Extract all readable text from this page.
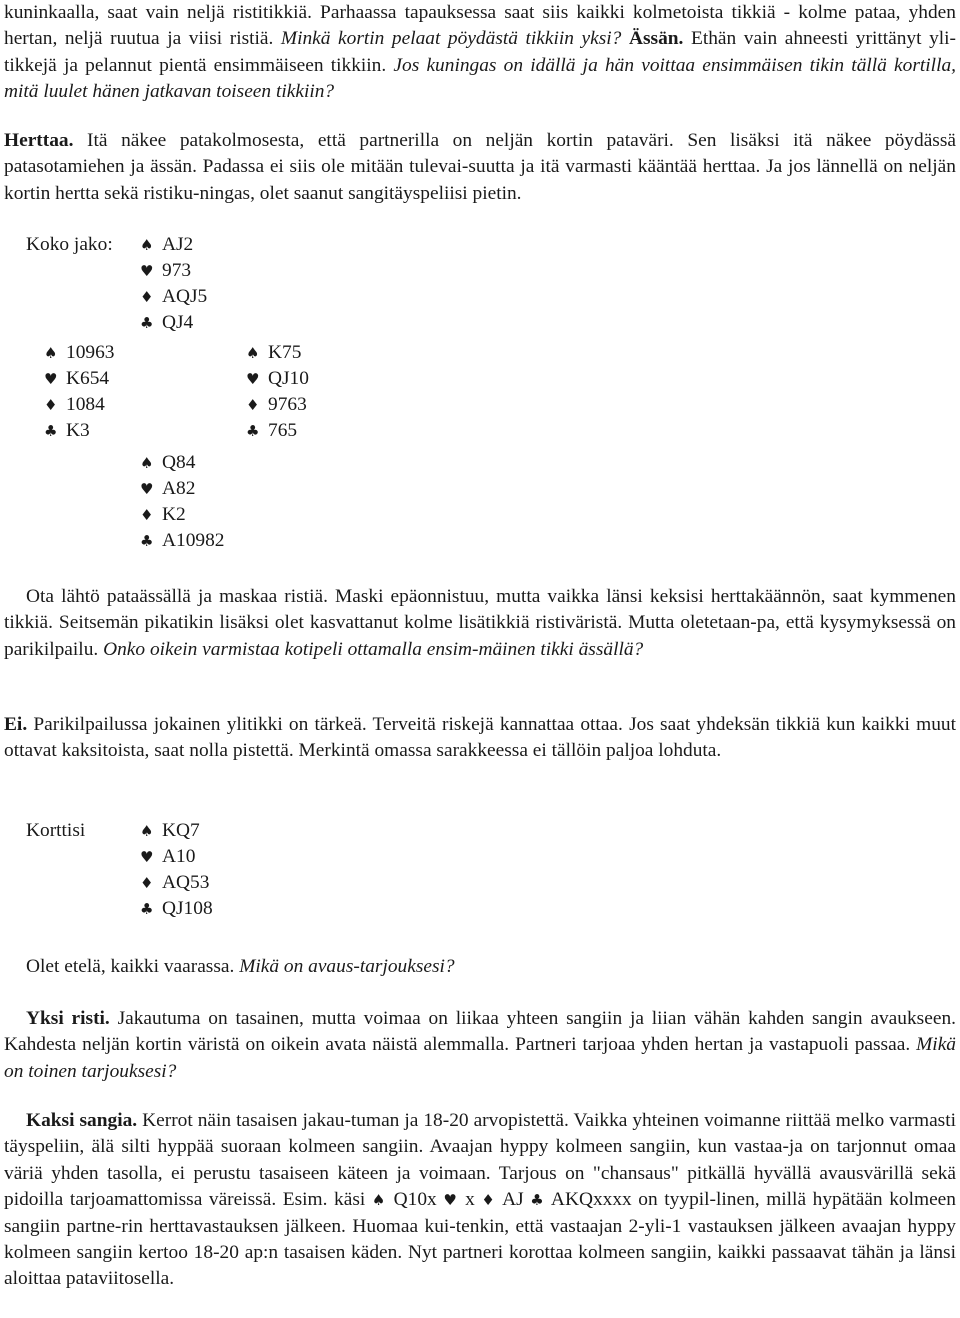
kuninkaalla, saat vain neljä ristitikkiä. Parhaassa tapauksessa saat siis kaikki kolmetoista tikkiä - kolme pataa, yhden hertan, neljä ruutua ja viisi ristiä. Minkä kortin pelaat pöydästä tikkiin yksi? Ässän. Ethän vain ahneesti yrittänyt yli-tikkejä ja pelannut pientä ensimmäiseen tikkiin. Jos kuningas on idällä ja hän voittaa ensimmäisen tikin tällä kortilla, mitä luulet hänen jatkavan toiseen tikkiin?

Herttaa. Itä näkee patakolmosesta, että partnerilla on neljän kortin pataväri. Sen lisäksi itä näkee pöydässä patasotamiehen ja ässän. Padassa ei siis ole mitään tulevai-suutta ja itä varmasti kääntää herttaa. Ja jos lännellä on neljän kortin hertta sekä ristiku-ningas, olet saanut sangitäyspeliisi pietin.

Koko jako: ♠ AJ2
♥ 973
♦ AQJ5
♣ QJ4
♠ 10963
♥ K654
♦ 1084
♣ K3
♠ K75
♥ QJ10
♦ 9763
♣ 765
♠ Q84
♥ A82
♦ K2
♣ A10982

Ota lähtö pataässällä ja maskaa ristiä. Maski epäonnistuu, mutta vaikka länsi keksisi herttakäännön, saat kymmenen tikkiä. Seitsemän pikatikin lisäksi olet kasvattanut kolme lisätikkiä ristiväristä. Mutta oletetaan-pa, että kysymyksessä on parikilpailu. Onko oikein varmistaa kotipeli ottamalla ensim-mäinen tikki ässällä?

Ei. Parikilpailussa jokainen ylitikki on tärkeä. Terveitä riskejä kannattaa ottaa. Jos saat yhdeksän tikkiä kun kaikki muut ottavat kaksitoista, saat nolla pistettä. Merkintä omassa sarakkeessa ei tällöin paljoa lohduta.

Korttisi	♠ KQ7
♥ A10
♦ AQ53
♣ QJ108

Olet etelä, kaikki vaarassa. Mikä on avaus-tarjouksesi?

Yksi risti. Jakautuma on tasainen, mutta voimaa on liikaa yhteen sangiin ja liian vähän kahden sangin avaukseen. Kahdesta neljän kortin väristä on oikein avata näistä alemmalla. Partneri tarjoaa yhden hertan ja vastapuoli passaa. Mikä on toinen tarjouksesi?

Kaksi sangia. Kerrot näin tasaisen jakau-tuman ja 18-20 arvopistettä. Vaikka yhteinen voimanne riittää melko varmasti täyspeliin, älä silti hyppää suoraan kolmeen sangiin. Avaajan hyppy kolmeen sangiin, kun vastaa-ja on tarjonnut omaa väriä yhden tasolla, ei perustu tasaiseen käteen ja voimaan. Tarjous on "chansaus" pitkällä hyvällä avausvärillä sekä pidoilla tarjoamattomissa väreissä. Esim. käsi ♠ Q10x ♥ x ♦ AJ ♣ AKQxxxx on tyypil-linen, millä hypätään kolmeen sangiin partne-rin herttavastauksen jälkeen. Huomaa kui-tenkin, että vastaajan 2-yli-1 vastauksen jälkeen avaajan hyppy kolmeen sangiin kertoo 18-20 ap:n tasaisen käden. Nyt partneri korottaa kolmeen sangiin, kaikki passaavat tähän ja länsi aloittaa pataviitosella.
